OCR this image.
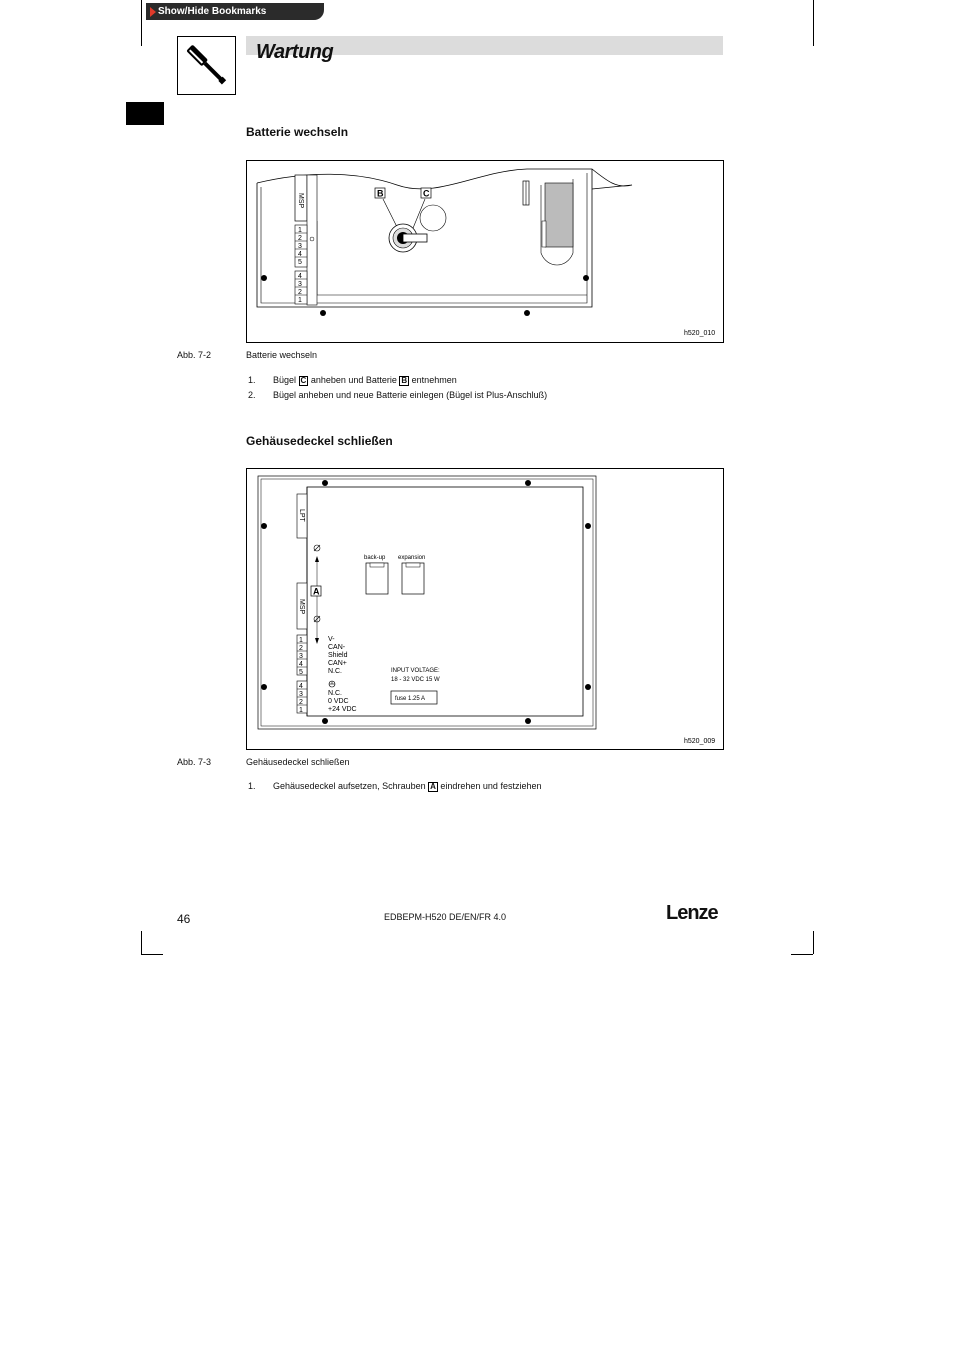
Show/Hide Bookmarks
Wartung
Batterie wechseln
MSP
1
2
3
4
5
4
3
2
1
B	C
h520_010
Abb. 7-2	Batterie wechseln
1. Bügel C anheben und Batterie B entnehmen
2. Bügel anheben und neue Batterie einlegen (Bügel ist Plus-Anschluß)
Gehäusedeckel schließen
LPT
MSP
A
1
2
3
4
5
V-
CAN-
Shield
CAN+
N.C.
4
3
2
1
N.C.
0 VDC
+24 VDC
back-up expansion
INPUT VOLTAGE:
18 - 32 VDC 15 W
fuse 1.25 A
h520_009
Abb. 7-3	Gehäusedeckel schließen
1. Gehäusedeckel aufsetzen, Schrauben A eindrehen und festziehen
46	EDBEPM-H520 DE/EN/FR 4.0	Lenze
